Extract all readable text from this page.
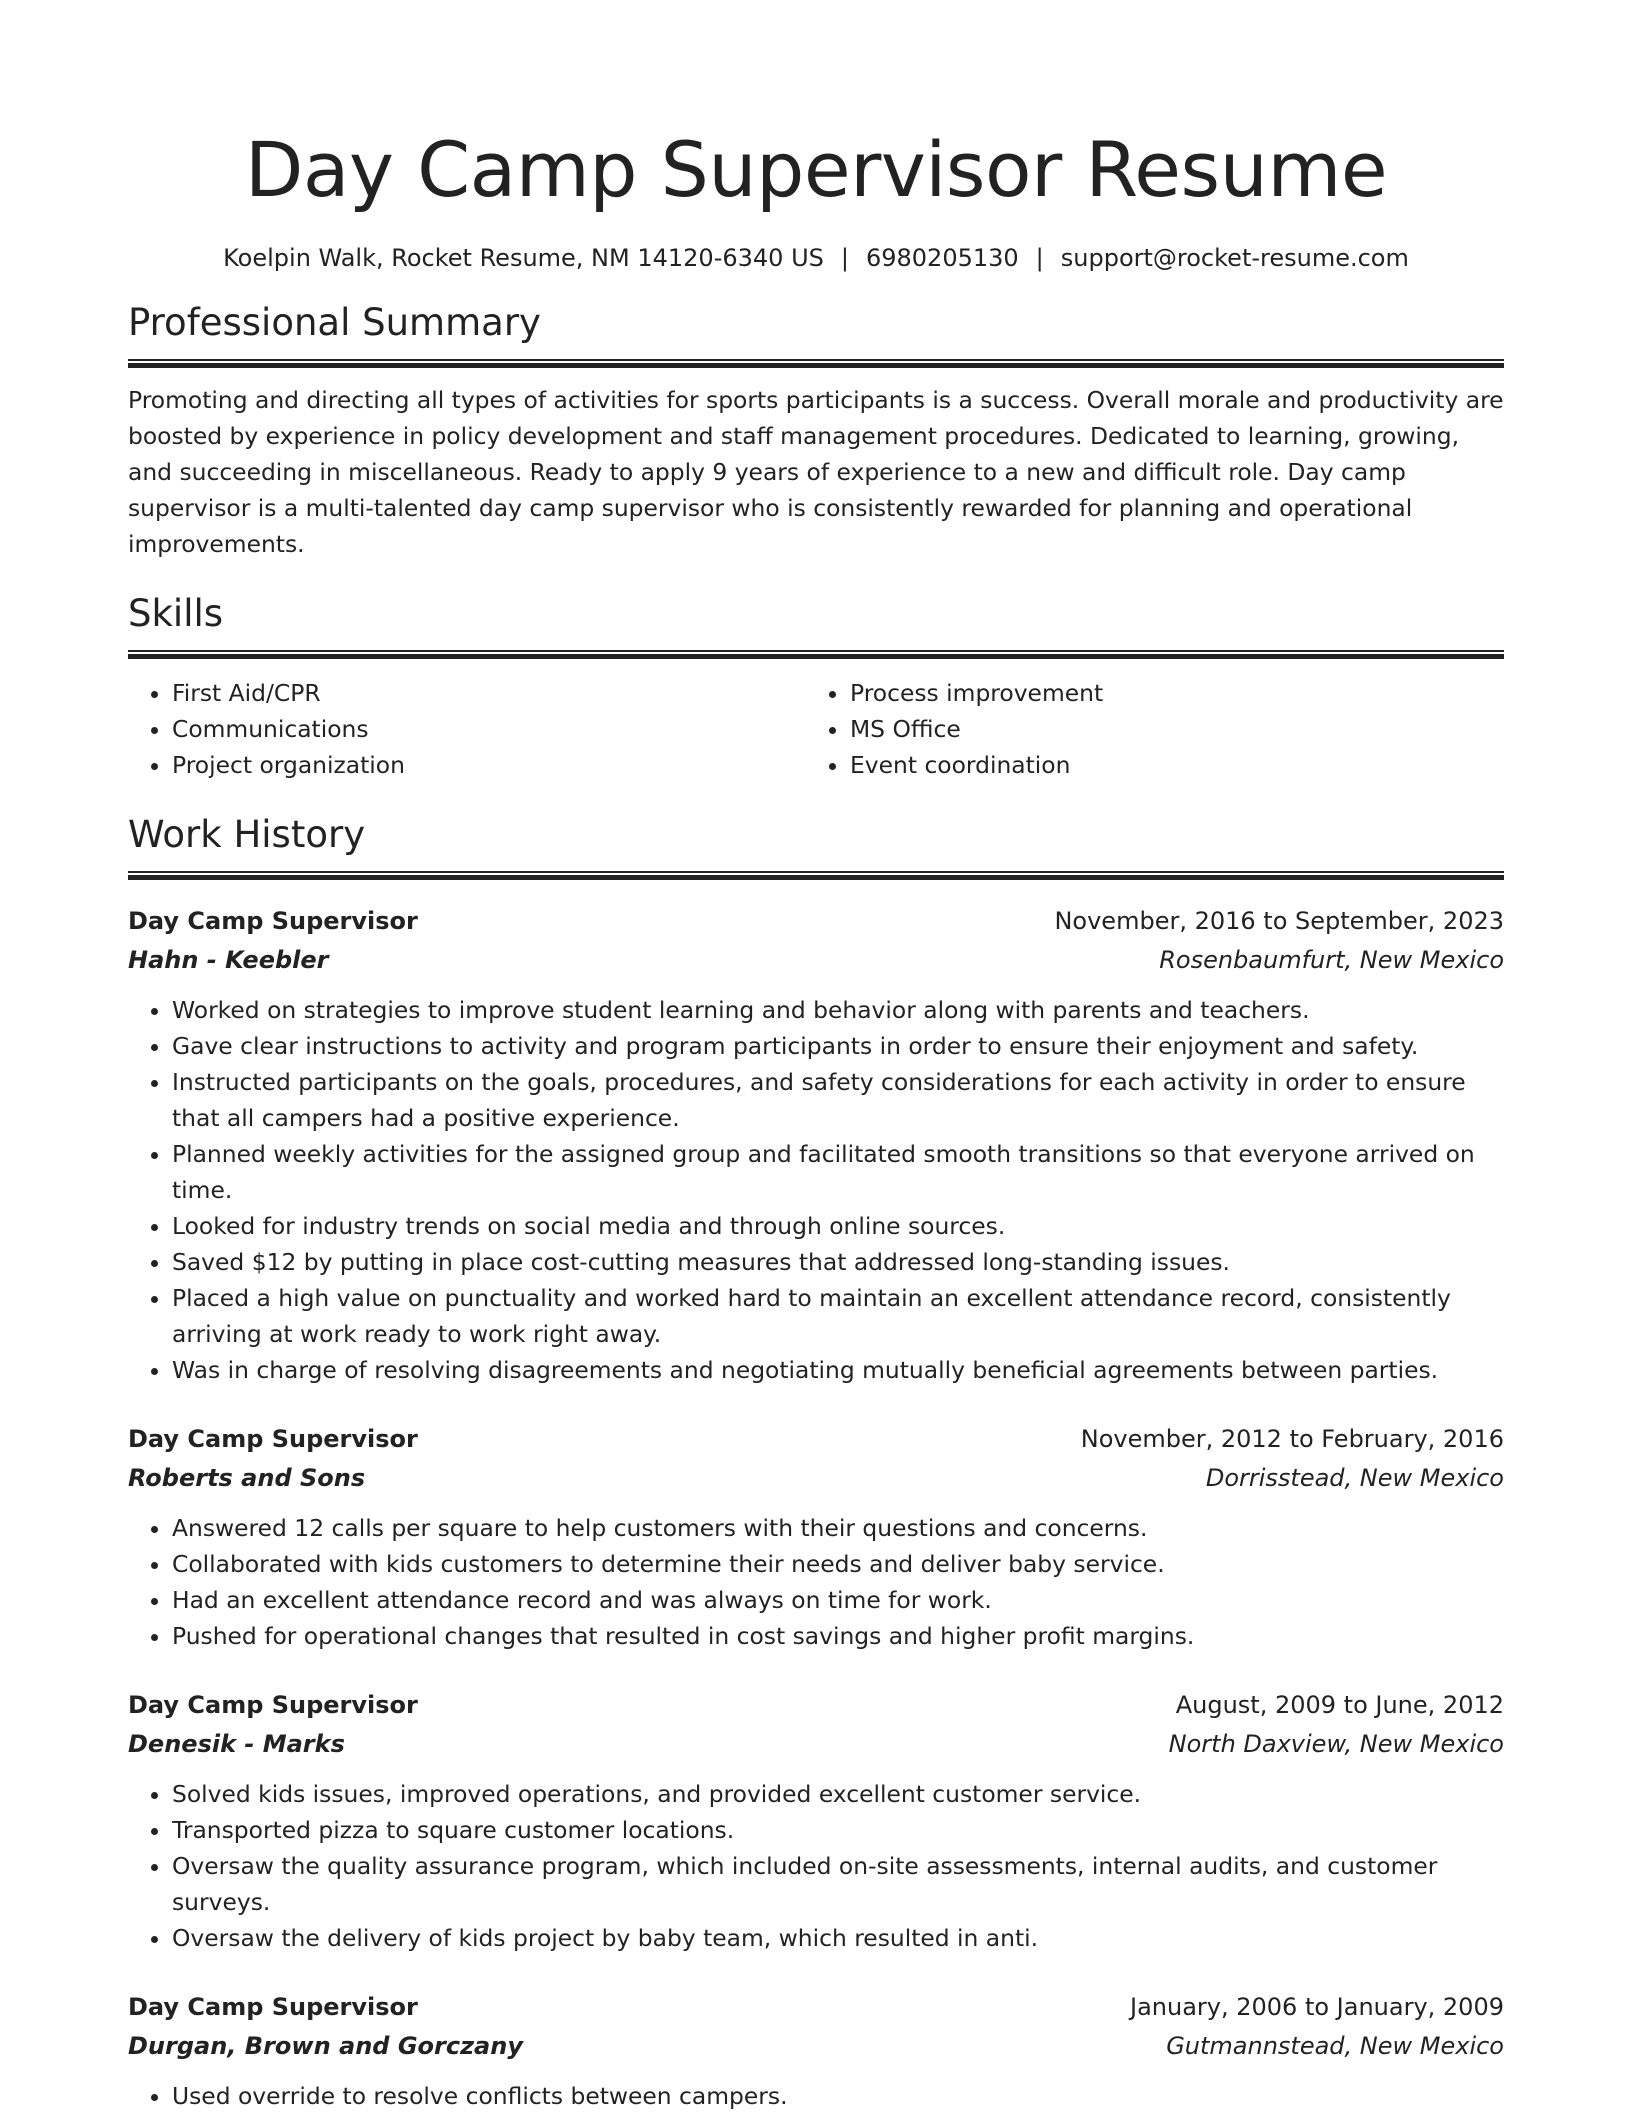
Day Camp Supervisor Resume
Koelpin Walk, Rocket Resume, NM 14120-6340 US | 6980205130 | support@rocket-resume.com
Professional Summary

Promoting and directing all types of activities for sports participants is a success. Overall morale and productivity are boosted by experience in policy development and staff management procedures. Dedicated to learning, growing, and succeeding in miscellaneous. Ready to apply 9 years of experience to a new and difficult role. Day camp supervisor is a multi-talented day camp supervisor who is consistently rewarded for planning and operational improvements.

Skills
• First Aid/CPR
• Communications
• Project organization
• Process improvement
• MS Office
• Event coordination
Work History
Day Camp Supervisor	November, 2016 to September, 2023
Hahn - Keebler	Rosenbaumfurt, New Mexico
• Worked on strategies to improve student learning and behavior along with parents and teachers.
• Gave clear instructions to activity and program participants in order to ensure their enjoyment and safety.
• Instructed participants on the goals, procedures, and safety considerations for each activity in order to ensure that all campers had a positive experience.
• Planned weekly activities for the assigned group and facilitated smooth transitions so that everyone arrived on time.
• Looked for industry trends on social media and through online sources.
• Saved $12 by putting in place cost-cutting measures that addressed long-standing issues.
• Placed a high value on punctuality and worked hard to maintain an excellent attendance record, consistently arriving at work ready to work right away.
• Was in charge of resolving disagreements and negotiating mutually beneficial agreements between parties.
Day Camp Supervisor	November, 2012 to February, 2016
Roberts and Sons	Dorrisstead, New Mexico
• Answered 12 calls per square to help customers with their questions and concerns.
• Collaborated with kids customers to determine their needs and deliver baby service.
• Had an excellent attendance record and was always on time for work.
• Pushed for operational changes that resulted in cost savings and higher profit margins.
Day Camp Supervisor	August, 2009 to June, 2012
Denesik - Marks	North Daxview, New Mexico
• Solved kids issues, improved operations, and provided excellent customer service.
• Transported pizza to square customer locations.
• Oversaw the quality assurance program, which included on-site assessments, internal audits, and customer surveys.
• Oversaw the delivery of kids project by baby team, which resulted in anti.
Day Camp Supervisor	January, 2006 to January, 2009
Durgan, Brown and Gorczany	Gutmannstead, New Mexico
• Used override to resolve conflicts between campers.
